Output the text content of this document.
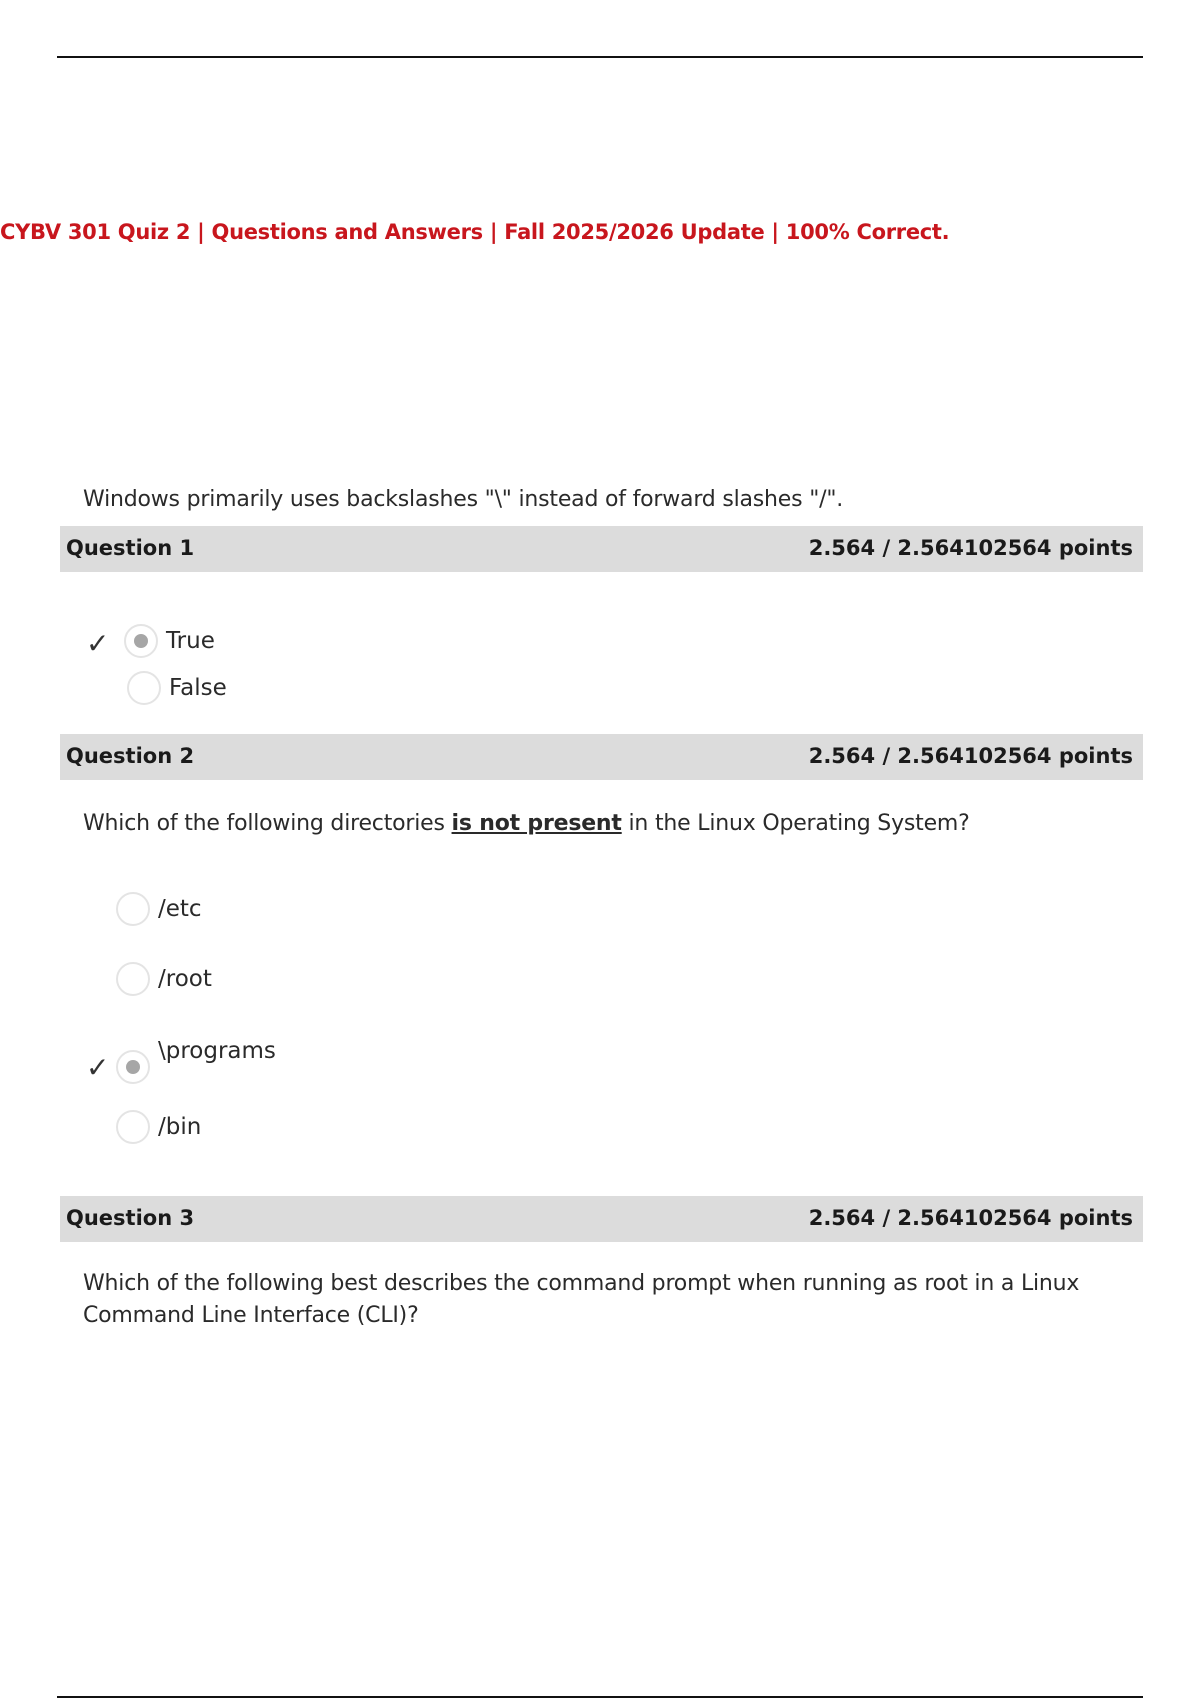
CYBV 301 Quiz 2 | Questions and Answers | Fall 2025/2026 Update | 100% Correct.
Windows primarily uses backslashes "\" instead of forward slashes "/".
Question 1	2.564 / 2.564102564 points
✓ True
False
Question 2	2.564 / 2.564102564 points
Which of the following directories is not present in the Linux Operating System?
/etc
/root
✓ \programs
/bin
Question 3	2.564 / 2.564102564 points
Which of the following best describes the command prompt when running as root in a Linux
Command Line Interface (CLI)?
